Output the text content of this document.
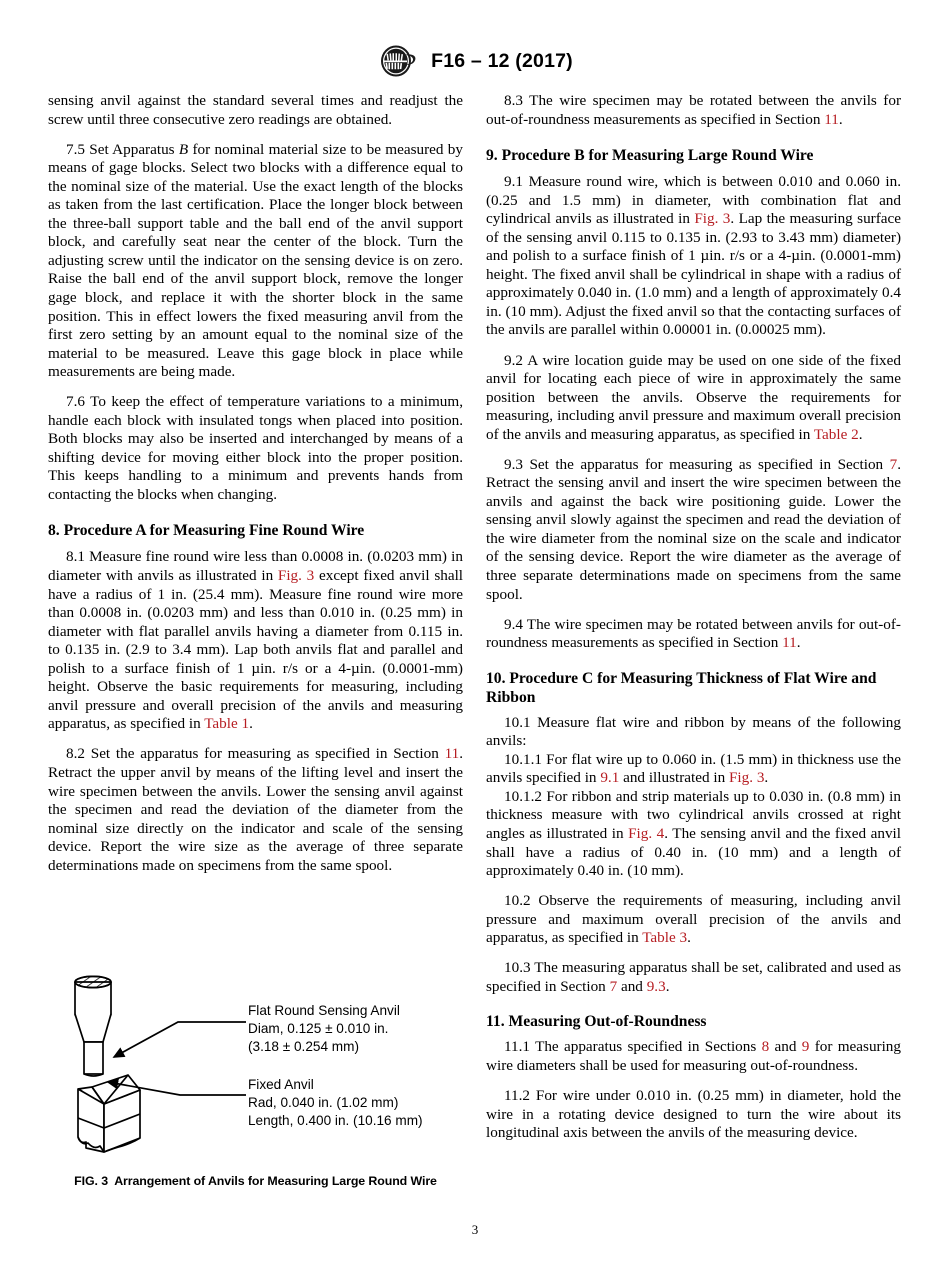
F16 – 12 (2017)

sensing anvil against the standard several times and readjust the screw until three consecutive zero readings are obtained.

7.5 Set Apparatus B for nominal material size to be measured by means of gage blocks. Select two blocks with a difference equal to the nominal size of the material. Use the exact length of the blocks as taken from the last certification. Place the longer block between the three-ball support table and the ball end of the anvil support block, and carefully seat near the center of the block. Turn the adjusting screw until the indicator on the sensing device is on zero. Raise the ball end of the anvil support block, remove the longer gage block, and replace it with the shorter block in the same position. This in effect lowers the fixed measuring anvil from the first zero setting by an amount equal to the nominal size of the material to be measured. Leave this gage block in place while measurements are being made.

7.6 To keep the effect of temperature variations to a minimum, handle each block with insulated tongs when placed into position. Both blocks may also be inserted and interchanged by means of a shifting device for moving either block into the proper position. This keeps handling to a minimum and prevents hands from contacting the blocks when changing.

8. Procedure A for Measuring Fine Round Wire

8.1 Measure fine round wire less than 0.0008 in. (0.0203 mm) in diameter with anvils as illustrated in Fig. 3 except fixed anvil shall have a radius of 1 in. (25.4 mm). Measure fine round wire more than 0.0008 in. (0.0203 mm) and less than 0.010 in. (0.25 mm) in diameter with flat parallel anvils having a diameter from 0.115 in. to 0.135 in. (2.9 to 3.4 mm). Lap both anvils flat and parallel and polish to a surface finish of 1 µin. r/s or a 4-µin. (0.0001-mm) height. Observe the basic requirements for measuring, including anvil pressure and overall precision of the anvils and measuring apparatus, as specified in Table 1.

8.2 Set the apparatus for measuring as specified in Section 11. Retract the upper anvil by means of the lifting level and insert the wire specimen between the anvils. Lower the sensing anvil against the specimen and read the deviation of the diameter from the nominal size directly on the indicator and scale of the sensing device. Report the wire size as the average of three separate determinations made on specimens from the same spool.

8.3 The wire specimen may be rotated between the anvils for out-of-roundness measurements as specified in Section 11.

9. Procedure B for Measuring Large Round Wire

9.1 Measure round wire, which is between 0.010 and 0.060 in. (0.25 and 1.5 mm) in diameter, with combination flat and cylindrical anvils as illustrated in Fig. 3. Lap the measuring surface of the sensing anvil 0.115 to 0.135 in. (2.93 to 3.43 mm) diameter) and polish to a surface finish of 1 µin. r/s or a 4-µin. (0.0001-mm) height. The fixed anvil shall be cylindrical in shape with a radius of approximately 0.040 in. (1.0 mm) and a length of approximately 0.4 in. (10 mm). Adjust the fixed anvil so that the contacting surfaces of the anvils are parallel within 0.00001 in. (0.00025 mm).

9.2 A wire location guide may be used on one side of the fixed anvil for locating each piece of wire in approximately the same position between the anvils. Observe the requirements for measuring, including anvil pressure and maximum overall precision of the anvils and measuring apparatus, as specified in Table 2.

9.3 Set the apparatus for measuring as specified in Section 7. Retract the sensing anvil and insert the wire specimen between the anvils and against the back wire positioning guide. Lower the sensing anvil slowly against the specimen and read the deviation of the wire diameter from the nominal size on the scale and indicator of the sensing device. Report the wire diameter as the average of three separate determinations made on specimens from the same spool.

9.4 The wire specimen may be rotated between anvils for out-of-roundness measurements as specified in Section 11.

10. Procedure C for Measuring Thickness of Flat Wire and Ribbon

10.1 Measure flat wire and ribbon by means of the following anvils:

10.1.1 For flat wire up to 0.060 in. (1.5 mm) in thickness use the anvils specified in 9.1 and illustrated in Fig. 3.

10.1.2 For ribbon and strip materials up to 0.030 in. (0.8 mm) in thickness measure with two cylindrical anvils crossed at right angles as illustrated in Fig. 4. The sensing anvil and the fixed anvil shall have a radius of 0.40 in. (10 mm) and a length of approximately 0.40 in. (10 mm).

10.2 Observe the requirements of measuring, including anvil pressure and maximum overall precision of the anvils and apparatus, as specified in Table 3.

10.3 The measuring apparatus shall be set, calibrated and used as specified in Section 7 and 9.3.

11. Measuring Out-of-Roundness

11.1 The apparatus specified in Sections 8 and 9 for measuring wire diameters shall be used for measuring out-of-roundness.

11.2 For wire under 0.010 in. (0.25 mm) in diameter, hold the wire in a rotating device designed to turn the wire about its longitudinal axis between the anvils of the measuring device.

Flat Round Sensing Anvil
Diam, 0.125 ± 0.010 in.
(3.18 ± 0.254 mm)
Fixed Anvil
Rad, 0.040 in. (1.02 mm)
Length, 0.400 in. (10.16 mm)
FIG. 3  Arrangement of Anvils for Measuring Large Round Wire
3
